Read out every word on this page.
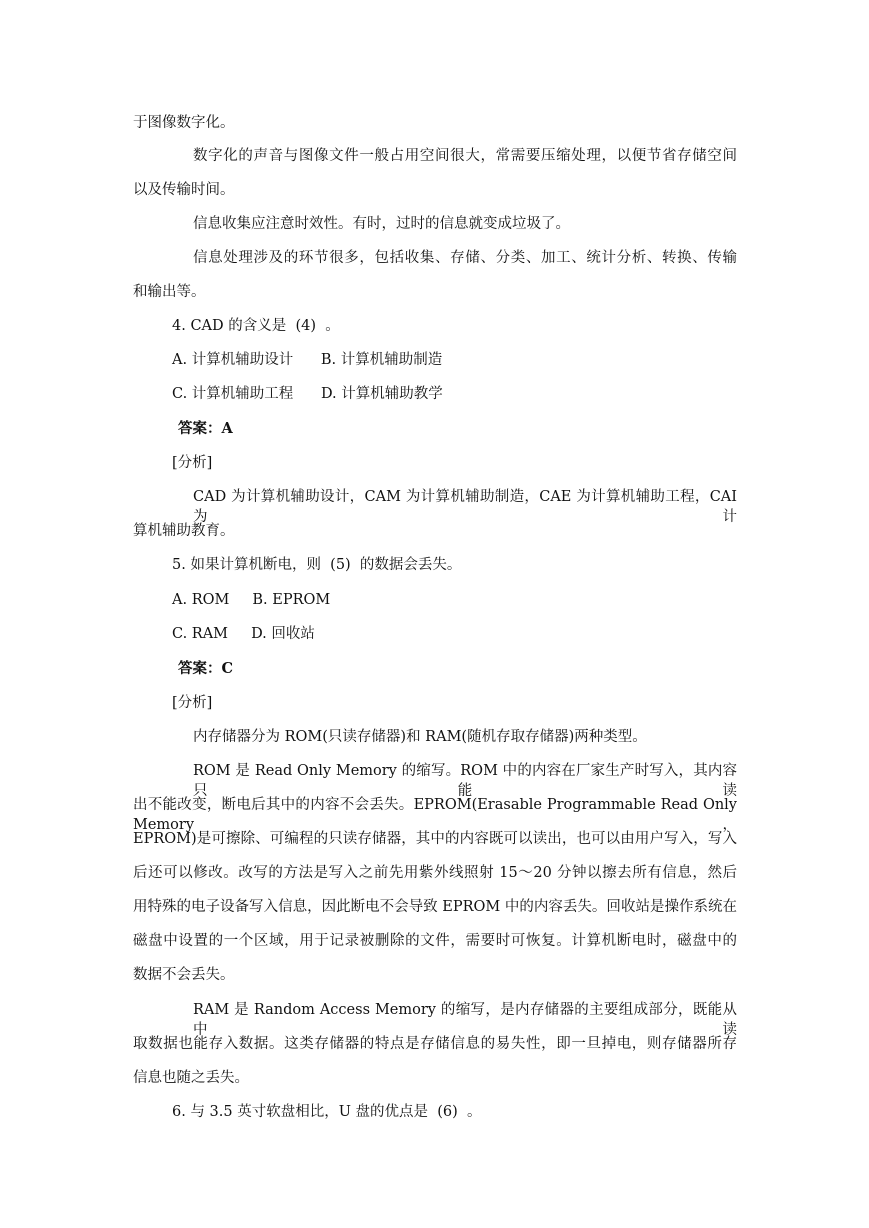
于图像数字化。
数字化的声音与图像文件一般占用空间很大，常需要压缩处理，以便节省存储空间
以及传输时间。
信息收集应注意时效性。有时，过时的信息就变成垃圾了。
信息处理涉及的环节很多，包括收集、存储、分类、加工、统计分析、转换、传输
和输出等。
4. CAD 的含义是  (4)  。
A. 计算机辅助设计      B. 计算机辅助制造
C. 计算机辅助工程      D. 计算机辅助教学
答案：A
[分析]
CAD 为计算机辅助设计，CAM 为计算机辅助制造，CAE 为计算机辅助工程，CAI 为计
算机辅助教育。
5. 如果计算机断电，则  (5)  的数据会丢失。
A. ROM     B. EPROM
C. RAM     D. 回收站
答案：C
[分析]
内存储器分为 ROM(只读存储器)和 RAM(随机存取存储器)两种类型。
ROM 是 Read Only Memory 的缩写。ROM 中的内容在厂家生产时写入，其内容只能读
出不能改变，断电后其中的内容不会丢失。EPROM(Erasable Programmable Read Only Memory，
EPROM)是可擦除、可编程的只读存储器，其中的内容既可以读出，也可以由用户写入，写入
后还可以修改。改写的方法是写入之前先用紫外线照射 15～20 分钟以擦去所有信息，然后
用特殊的电子设备写入信息，因此断电不会导致 EPROM 中的内容丢失。回收站是操作系统在
磁盘中设置的一个区域，用于记录被删除的文件，需要时可恢复。计算机断电时，磁盘中的
数据不会丢失。
RAM 是 Random Access Memory 的缩写，是内存储器的主要组成部分，既能从中读
取数据也能存入数据。这类存储器的特点是存储信息的易失性，即一旦掉电，则存储器所存
信息也随之丢失。
6. 与 3.5 英寸软盘相比，U 盘的优点是  (6)  。
